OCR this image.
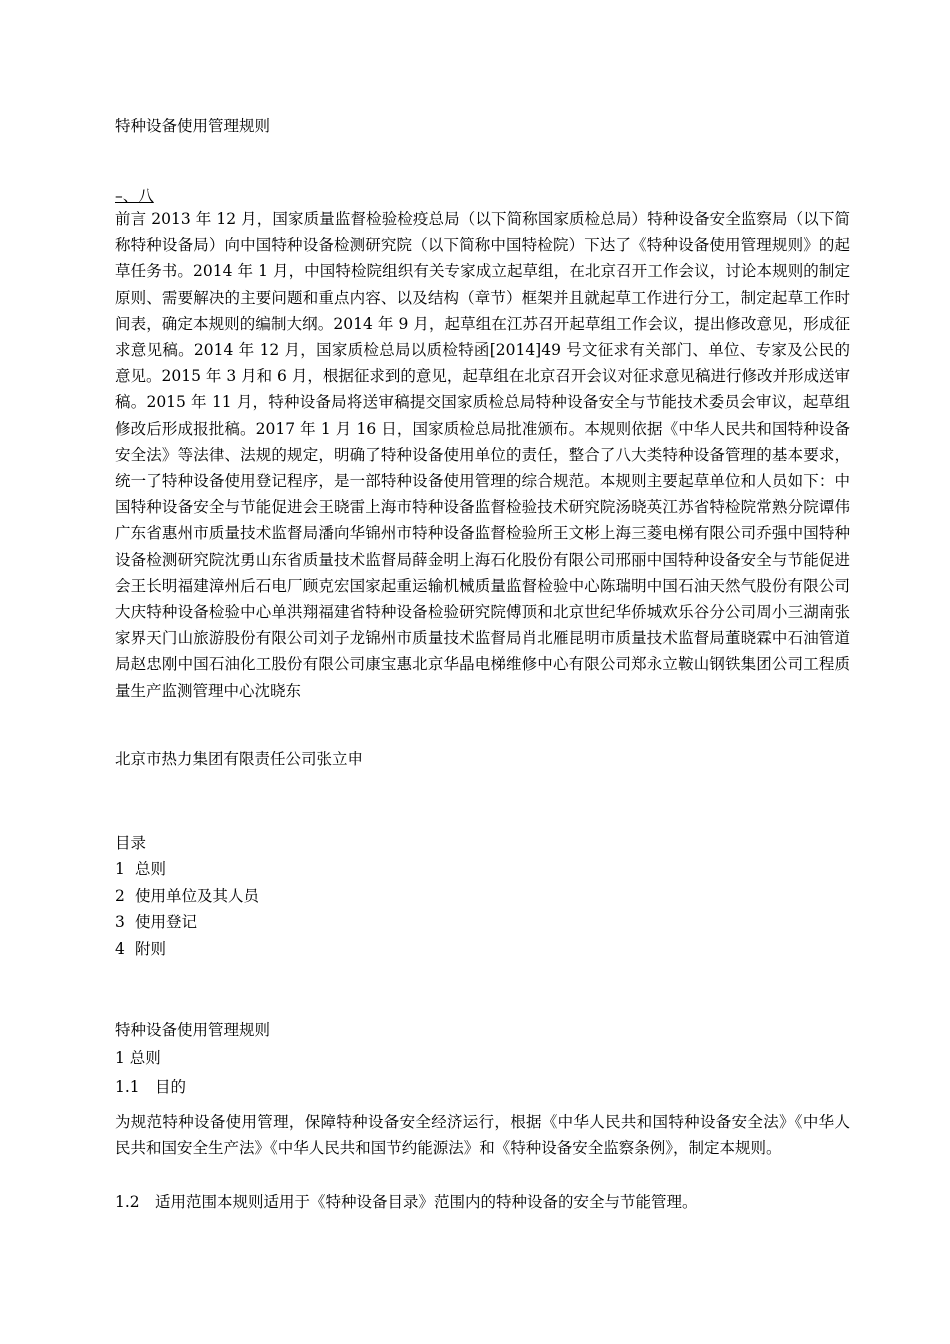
特种设备使用管理规则
–、八
前言 2013 年 12 月，国家质量监督检验检疫总局（以下简称国家质检总局）特种设备安全监察局（以下简称特种设备局）向中国特种设备检测研究院（以下简称中国特检院）下达了《特种设备使用管理规则》的起草任务书。2014 年 1 月，中国特检院组织有关专家成立起草组，在北京召开工作会议，讨论本规则的制定原则、需要解决的主要问题和重点内容、以及结构（章节）框架并且就起草工作进行分工，制定起草工作时间表，确定本规则的编制大纲。2014 年 9 月，起草组在江苏召开起草组工作会议，提出修改意见，形成征求意见稿。2014 年 12 月，国家质检总局以质检特函[2014]49 号文征求有关部门、单位、专家及公民的意见。2015 年 3 月和 6 月，根据征求到的意见，起草组在北京召开会议对征求意见稿进行修改并形成送审稿。2015 年 11 月，特种设备局将送审稿提交国家质检总局特种设备安全与节能技术委员会审议，起草组修改后形成报批稿。2017 年 1 月 16 日，国家质检总局批准颁布。本规则依据《中华人民共和国特种设备安全法》等法律、法规的规定，明确了特种设备使用单位的责任，整合了八大类特种设备管理的基本要求，统一了特种设备使用登记程序，是一部特种设备使用管理的综合规范。本规则主要起草单位和人员如下：中国特种设备安全与节能促进会王晓雷上海市特种设备监督检验技术研究院汤晓英江苏省特检院常熟分院谭伟广东省惠州市质量技术监督局潘向华锦州市特种设备监督检验所王文彬上海三菱电梯有限公司乔强中国特种设备检测研究院沈勇山东省质量技术监督局薛金明上海石化股份有限公司邢丽中国特种设备安全与节能促进会王长明福建漳州后石电厂顾克宏国家起重运输机械质量监督检验中心陈瑞明中国石油天然气股份有限公司大庆特种设备检验中心单洪翔福建省特种设备检验研究院傅顶和北京世纪华侨城欢乐谷分公司周小三湖南张家界天门山旅游股份有限公司刘子龙锦州市质量技术监督局肖北雁昆明市质量技术监督局董晓霖中石油管道局赵忠刚中国石油化工股份有限公司康宝惠北京华晶电梯维修中心有限公司郑永立鞍山钢铁集团公司工程质量生产监测管理中心沈晓东
北京市热力集团有限责任公司张立申
目录
1 总则
2 使用单位及其人员
3 使用登记
4 附则
特种设备使用管理规则
1 总则
1.1 目的
为规范特种设备使用管理，保障特种设备安全经济运行，根据《中华人民共和国特种设备安全法》《中华人民共和国安全生产法》《中华人民共和国节约能源法》和《特种设备安全监察条例》，制定本规则。
1.2 适用范围本规则适用于《特种设备目录》范围内的特种设备的安全与节能管理。
